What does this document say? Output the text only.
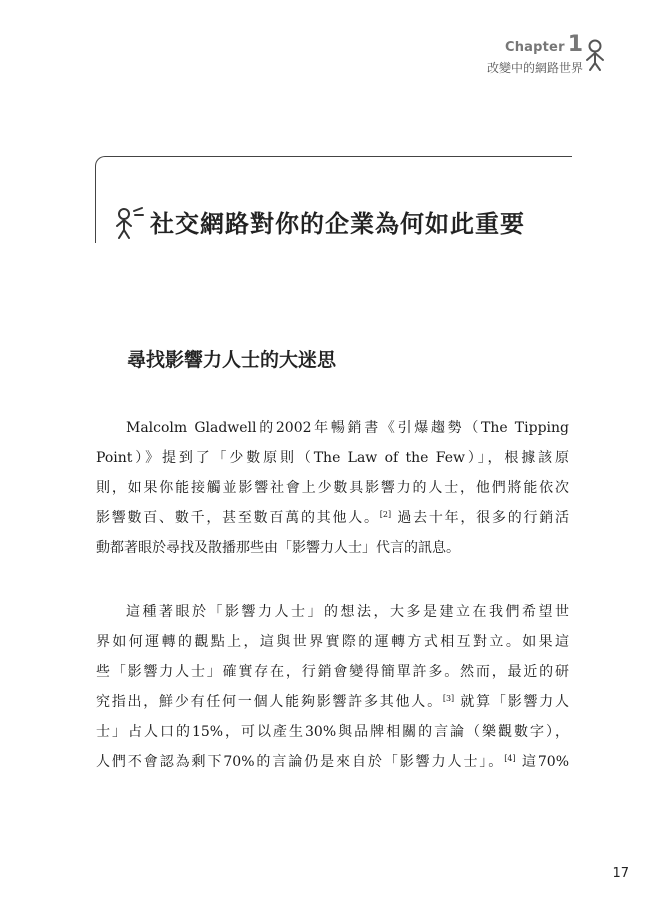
Chapter 1
改變中的網路世界
社交網路對你的企業為何如此重要
尋找影響力人士的大迷思
Malcolm Gladwell的2002年暢銷書《引爆趨勢（The Tipping
Point）》提到了「少數原則（The Law of the Few）」，根據該原
則，如果你能接觸並影響社會上少數具影響力的人士，他們將能依次
影響數百、數千，甚至數百萬的其他人。[2] 過去十年，很多的行銷活
動都著眼於尋找及散播那些由「影響力人士」代言的訊息。
這種著眼於「影響力人士」的想法，大多是建立在我們希望世
界如何運轉的觀點上，這與世界實際的運轉方式相互對立。如果這
些「影響力人士」確實存在，行銷會變得簡單許多。然而，最近的研
究指出，鮮少有任何一個人能夠影響許多其他人。[3] 就算「影響力人
士」占人口的15%，可以產生30%與品牌相關的言論（樂觀數字），
人們不會認為剩下70%的言論仍是來自於「影響力人士」。[4] 這70%
17
